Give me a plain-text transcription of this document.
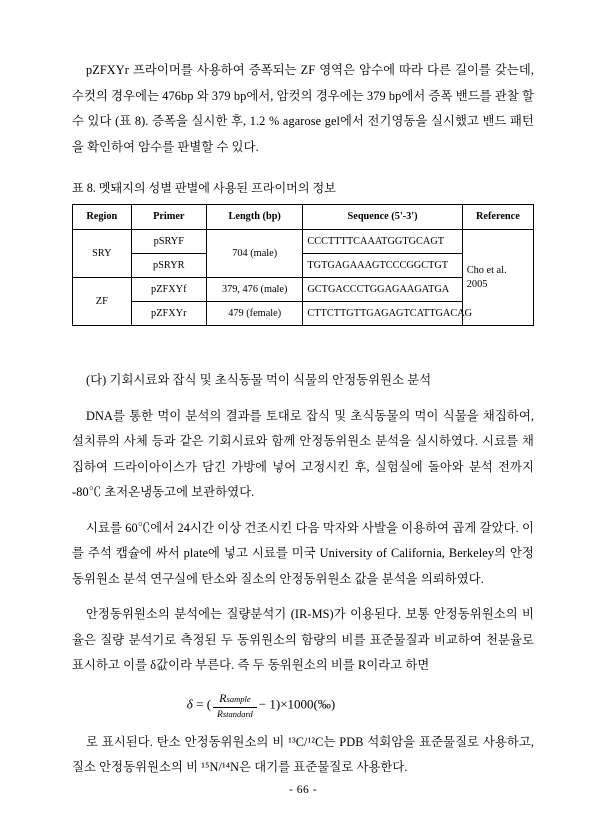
pZFXYr 프라이머를 사용하여 증폭되는 ZF 영역은 암수에 따라 다른 길이를 갖는데, 수컷의 경우에는 476bp 와 379 bp에서, 암컷의 경우에는 379 bp에서 증폭 밴드를 관찰 할 수 있다 (표 8). 증폭을 실시한 후, 1.2 % agarose gel에서 전기영동을 실시했고 밴드 패턴을 확인하여 암수를 판별할 수 있다.

표 8. 멧돼지의 성별 판별에 사용된 프라이머의 정보
Region	Primer	Length (bp)	Sequence (5'-3')	Reference
SRY	pSRYF	704 (male)	CCCTTTTCAAATGGTGCAGT	Cho et al. 2005
	pSRYR		TGTGAGAAAGTCCCGGCTGT	
ZF	pZFXYf	379, 476 (male)	GCTGACCCTGGAGAAGATGA	
	pZFXYr	479 (female)	CTTCTTGTTGAGAGTCATTGACAG	

(다) 기회시료와 잡식 및 초식동물 먹이 식물의 안정동위원소 분석

DNA를 통한 먹이 분석의 결과를 토대로 잡식 및 초식동물의 먹이 식물을 채집하여, 설치류의 사체 등과 같은 기회시료와 함께 안정동위원소 분석을 실시하였다. 시료를 채집하여 드라이아이스가 담긴 가방에 넣어 고정시킨 후, 실험실에 돌아와 분석 전까지 -80℃ 초저온냉동고에 보관하였다.

시료를 60℃에서 24시간 이상 건조시킨 다음 막자와 사발을 이용하여 곱게 갈았다. 이를 주석 캡슐에 싸서 plate에 넣고 시료를 미국 University of California, Berkeley의 안정동위원소 분석 연구실에 탄소와 질소의 안정동위원소 값을 분석을 의뢰하였다.

안정동위원소의 분석에는 질량분석기 (IR-MS)가 이용된다. 보통 안정동위원소의 비율은 질량 분석기로 측정된 두 동위원소의 함량의 비를 표준물질과 비교하여 천분율로 표시하고 이를 δ값이라 부른다. 즉 두 동위원소의 비를 R이라고 하면

δ = ( $\frac{\text{Rsample}}{\text{Rstandard}}$ − 1)×1000(‰)

로 표시된다. 탄소 안정동위원소의 비 ¹³C/¹²C는 PDB 석회암을 표준물질로 사용하고, 질소 안정동위원소의 비 ¹⁵N/¹⁴N은 대기를 표준물질로 사용한다.

- 66 -
